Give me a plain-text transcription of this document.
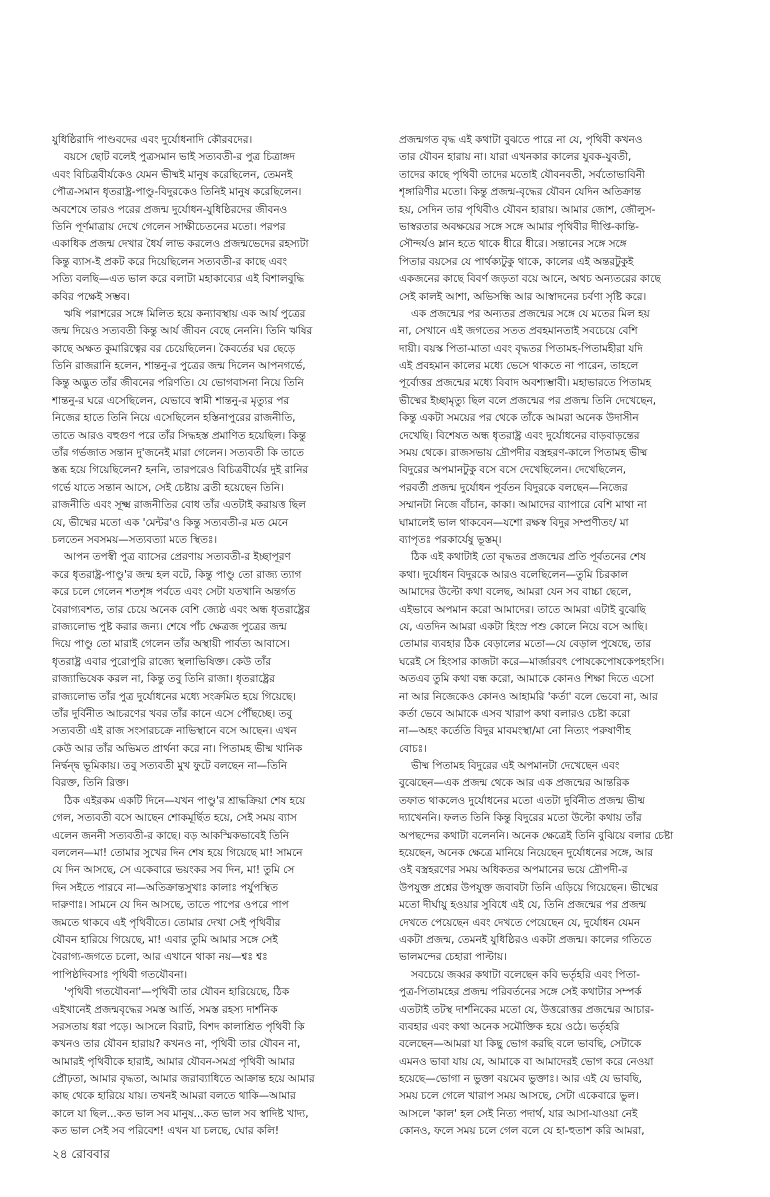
যুধিষ্ঠিরাদি পাণ্ডবদের এবং দুর্যোধনাদি কৌরবদের।
বয়সে ছোট বলেই পুত্রসমান ভাই সত্যবতী-র পুত্র চিত্রাঙ্গদ
এবং বিচিত্রবীর্যকেও যেমন ভীষ্মই মানুষ করেছিলেন, তেমনই
পৌত্র-সমান ধৃতরাষ্ট্র-পাণ্ডু-বিদুরকেও তিনিই মানুষ করেছিলেন।
অবশেষে তারও পরের প্রজন্ম দুর্যোধন-যুধিষ্ঠিরদের জীবনও
তিনি পূর্ণমাত্রায় দেখে গেলেন সাক্ষীচেতনের মতো। পরপর
একাধিক প্রজন্ম দেখার ধৈর্য লাভ করলেও প্রজন্মভেদের রহস্যটা
কিন্তু ব্যাস-ই প্রকট করে দিয়েছিলেন সত্যবতী-র কাছে এবং
সত্যি বলছি—এত ভাল করে বলাটা মহাকাব্যের এই বিশালবুদ্ধি
কবির পক্ষেই সম্ভব।
ঋষি পরাশরের সঙ্গে মিলিত হয়ে কন্যাবস্থায় এক আর্য পুত্রের
জন্ম দিয়েও সত্যবতী কিন্তু আর্য জীবন বেছে নেননি। তিনি ঋষির
কাছে অক্ষত কুমারিত্বের বর চেয়েছিলেন। কৈবর্তের ঘর ছেড়ে
তিনি রাজরানি হলেন, শান্তনু-র পুত্রের জন্ম দিলেন আপনগর্ভে,
কিন্তু অদ্ভুত তাঁর জীবনের পরিণতি। যে ভোগবাসনা নিয়ে তিনি
শান্তনু-র ঘরে এসেছিলেন, যেভাবে স্বামী শান্তনু-র মৃত্যুর পর
নিজের হাতে তিনি নিয়ে এসেছিলেন হস্তিনাপুরের রাজনীতি,
তাতে আরও বহুগুণ পরে তাঁর সিদ্ধহস্ত প্রমাণিত হয়েছিল। কিন্তু
তাঁর গর্ভজাত সন্তান দু'জনেই মারা গেলেন। সত্যবতী কি তাতে
স্তব্ধ হয়ে গিয়েছিলেন? হননি, তারপরেও বিচিত্রবীর্যের দুই রানির
গর্ভে যাতে সন্তান আসে, সেই চেষ্টায় ব্রতী হয়েছেন তিনি।
রাজনীতি এবং সূক্ষ্ম রাজনীতির বোধ তাঁর এতটাই করায়ত্ত ছিল
যে, ভীষ্মের মতো এক 'মেন্টর'ও কিন্তু সত্যবতী-র মত মেনে
চলতেন সবসময়—সত্যবত্যা মতে স্থিতঃ।
আপন তপস্বী পুত্র ব্যাসের প্রেরণায় সত্যবতী-র ইচ্ছাপূরণ
করে ধৃতরাষ্ট্র-পাণ্ডু'র জন্ম হল বটে, কিন্তু পাণ্ডু তো রাজ্য ত্যাগ
করে চলে গেলেন শতশৃঙ্গ পর্বতে এবং সেটা যতখানি অন্তর্গত
বৈরাগ্যবশত, তার চেয়ে অনেক বেশি জ্যেষ্ঠ এবং অন্ধ ধৃতরাষ্ট্রের
রাজ্যলোভ পুষ্ট করার জন্য। শেষে পাঁচ ক্ষেত্রজ পুত্রের জন্ম
দিয়ে পাণ্ডু তো মারাই গেলেন তাঁর অস্থায়ী পার্বত্য আবাসে।
ধৃতরাষ্ট্র এবার পুরোপুরি রাজ্যে স্থলাভিষিক্ত। কেউ তাঁর
রাজ্যাভিষেক করল না, কিন্তু তবু তিনি রাজা। ধৃতরাষ্ট্রের
রাজ্যলোভ তাঁর পুত্র দুর্যোধনের মধ্যে সংক্রমিত হয়ে গিয়েছে।
তাঁর দুর্বিনীত আচরণের খবর তাঁর কানে এসে পৌঁছচ্ছে। তবু
সত্যবতী এই রাজ সংসারচক্রে নাভিস্থানে বসে আছেন। এখন
কেউ আর তাঁর অভিমত প্রার্থনা করে না। পিতামহ ভীষ্ম খানিক
নির্দ্বন্দ্ব ভূমিকায়। তবু সত্যবতী মুখ ফুটে বলছেন না—তিনি
বিরক্ত, তিনি রিক্ত।
ঠিক এইরকম একটি দিনে—যখন পাণ্ডু'র শ্রাদ্ধক্রিয়া শেষ হয়ে
গেল, সত্যবতী বসে আছেন শোকমূর্ছিত হয়ে, সেই সময় ব্যাস
এলেন জননী সত্যবতী-র কাছে। বড় আকস্মিকভাবেই তিনি
বললেন—মা! তোমার সুখের দিন শেষ হয়ে গিয়েছে মা! সামনে
যে দিন আসছে, সে একেবারে ভয়ংকর সব দিন, মা! তুমি সে
দিন সইতে পারবে না—অতিক্রান্তসুখাঃ কালাঃ পর্যুপস্থিত
দারুণাঃ। সামনে যে দিন আসছে, তাতে পাপের ওপরে পাপ
জমতে থাকবে এই পৃথিবীতে। তোমার দেখা সেই পৃথিবীর
যৌবন হারিয়ে গিয়েছে, মা! এবার তুমি আমার সঙ্গে সেই
বৈরাগ্য-জগতে চলো, আর এখানে থাকা নয়—শ্বঃ শ্বঃ
পাপিষ্ঠদিবসাঃ পৃথিবী গতযৌবনা।
'পৃথিবী গতযৌবনা'—পৃথিবী তার যৌবন হারিয়েছে, ঠিক
এইখানেই প্রজন্মবৃদ্ধের সমস্ত আর্তি, সমস্ত রহস্য দার্শনিক
সরসতায় ধরা পড়ে। আসলে বিরাট, বিশদ কালাশ্রিত পৃথিবী কি
কখনও তার যৌবন হারায়? কখনও না, পৃথিবী তার যৌবন না,
আমারই পৃথিবীকে হারাই, আমার যৌবন-সমগ্র পৃথিবী আমার
প্রৌঢ়তা, আমার বৃদ্ধতা, আমার জরাব্যাধিতে আক্রান্ত হয়ে আমার
কাছ থেকে হারিয়ে যায়। তখনই আমরা বলতে থাকি—আমার
কালে যা ছিল...কত ভাল সব মানুষ...কত ভাল সব স্বাদিষ্ট খাদ্য,
কত ভাল সেই সব পরিবেশ! এখন যা চলছে, ঘোর কলি!
প্রজন্মগত বৃদ্ধ এই কথাটা বুঝতে পারে না যে, পৃথিবী কখনও
তার যৌবন হারায় না। যারা এখনকার কালের যুবক-যুবতী,
তাদের কাছে পৃথিবী তাদের মতোই যৌবনবতী, সর্বতোভাবিনী
শৃঙ্গারিণীর মতো। কিন্তু প্রজন্ম-বৃদ্ধের যৌবন যেদিন অতিক্রান্ত
হয়, সেদিন তার পৃথিবীও যৌবন হারায়। আমার জোশ, জৌলুস-
ভাস্বরতার অবক্ষয়ের সঙ্গে সঙ্গে আমার পৃথিবীর দীপ্তি-কান্তি-
সৌন্দর্যও ম্লান হতে থাকে ধীরে ধীরে। সন্তানের সঙ্গে সঙ্গে
পিতার বয়সের যে পার্থক্যটুকু থাকে, কালের এই অন্তরটুকুই
একজনের কাছে বিবর্ণ জড়তা বয়ে আনে, অথচ অন্যতরের কাছে
সেই কালই আশা, অভিসন্ধি আর আস্বাদনের চর্বণা সৃষ্টি করে।
এক প্রজন্মের পর অন্যতর প্রজন্মের সঙ্গে যে মতের মিল হয়
না, সেখানে এই জগতের সতত প্রবহমানতাই সবচেয়ে বেশি
দায়ী। বয়স্ক পিতা-মাতা এবং বৃদ্ধতর পিতামহ-পিতামহীরা যদি
এই প্রবহমান কালের মধ্যে ভেসে থাকতে না পারেন, তাহলে
পূর্বোত্তর প্রজন্মের মধ্যে বিবাদ অবশ্যম্ভাবী। মহাভারতে পিতামহ
ভীষ্মের ইচ্ছামৃত্যু ছিল বলে প্রজন্মের পর প্রজন্ম তিনি দেখেছেন,
কিন্তু একটা সময়ের পর থেকে তাঁকে আমরা অনেক উদাসীন
দেখেছি। বিশেষত অন্ধ ধৃতরাষ্ট্র এবং দুর্যোধনের বাড়বাড়ন্তের
সময় থেকে। রাজসভায় দ্রৌপদীর বস্ত্রহরণ-কালে পিতামহ ভীষ্ম
বিদুরের অপমানটুকু বসে বসে দেখেছিলেন। দেখেছিলেন,
পরবর্তী প্রজন্ম দুর্যোধন পূর্বতন বিদুরকে বলছেন—নিজের
সম্মানটা নিজে বাঁচান, কাকা। আমাদের ব্যাপারে বেশি মাথা না
ঘামালেই ভাল থাকবেন—যশো রক্ষস্ব বিদুর সম্প্রণীতং/ মা
ব্যাপৃতঃ পরকার্যেষু ভূস্তম্।
ঠিক এই কথাটাই তো বৃদ্ধতর প্রজন্মের প্রতি পূর্বতনের শেষ
কথা। দুর্যোধন বিদুরকে আরও বলেছিলেন—তুমি চিরকাল
আমাদের উল্টো কথা বলেছ, আমরা যেন সব বাচ্চা ছেলে,
এইভাবে অপমান করো আমাদের। তাতে আমরা এটাই বুঝেছি
যে, এতদিন আমরা একটা হিংস্র পশু কোলে নিয়ে বসে আছি।
তোমার ব্যবহার ঠিক বেড়ালের মতো—যে বেড়াল পুষেছে, তার
ঘরেই সে হিংসার কাজটা করে—মার্জারবৎ পোষকেপোষকেপহংসি।
অতএব তুমি কথা বন্ধ করো, আমাকে কোনও শিক্ষা দিতে এসো
না আর নিজেকেও কোনও আহামরি 'কর্তা' বলে ভেবো না, আর
কর্তা ভেবে আমাকে এসব খারাপ কথা বলারও চেষ্টা করো
না—অহং কর্তেতি বিদুর মাবমংস্থা/মা নো নিত্যং পরুষাণীহ
বোচঃ।
ভীষ্ম পিতামহ বিদুরের এই অপমানটা দেখেছেন এবং
বুঝেছেন—এক প্রজন্ম থেকে আর এক প্রজন্মের আন্তরিক
তফাত থাকলেও দুর্যোধনের মতো এতটা দুর্বিনীত প্রজন্ম ভীষ্ম
দ্যাখেননি। ফলত তিনি কিন্তু বিদুরের মতো উল্টো কথায় তাঁর
অপছন্দের কথাটা বলেননি। অনেক ক্ষেত্রেই তিনি বুঝিয়ে বলার চেষ্টা
হয়েছেন, অনেক ক্ষেত্রে মানিয়ে নিয়েছেন দুর্যোধনের সঙ্গে, আর
ওই বস্ত্রহরণের সময় অধিকতর অপমানের ভয়ে দ্রৌপদী-র
উপযুক্ত প্রশ্নের উপযুক্ত জবাবটা তিনি এড়িয়ে গিয়েছেন। ভীষ্মের
মতো দীর্ঘায়ু হওয়ার সুবিধে এই যে, তিনি প্রজন্মের পর প্রজন্ম
দেখতে পেয়েছেন এবং দেখতে পেয়েছেন যে, দুর্যোধন যেমন
একটা প্রজন্ম, তেমনই যুধিষ্ঠিরও একটা প্রজন্ম। কালের গতিতে
ভালমন্দের চেহারা পাল্টায়।
সবচেয়ে জব্বর কথাটা বলেছেন কবি ভর্তৃহরি এবং পিতা-
পুত্র-পিতামহের প্রজন্ম পরিবর্তনের সঙ্গে সেই কথাটার সম্পর্ক
এতটাই তটস্থ দার্শনিকের মতো যে, উত্তরোত্তর প্রজন্মের আচার-
ব্যবহার এবং কথা অনেক সমৌক্তিক হয়ে ওঠে। ভর্তৃহরি
বলেছেন—আমরা যা কিছু ভোগ করছি বলে ভাবছি, সেটাকে
এমনও ভাবা যায় যে, আমাকে বা আমাদেরই ভোগ করে নেওয়া
হয়েছে—ভোগা ন ভুক্তা বয়মেব ভুক্তাঃ। আর এই যে ভাবছি,
সময় চলে গেলে খারাপ সময় আসছে, সেটা একেবারে ভুল।
আসলে 'কাল' হল সেই নিত্য পদার্থ, যার আসা-যাওয়া নেই
কোনও, ফলে সময় চলে গেল বলে যে হা-হুতাশ করি আমরা,
২৪ রোববার
